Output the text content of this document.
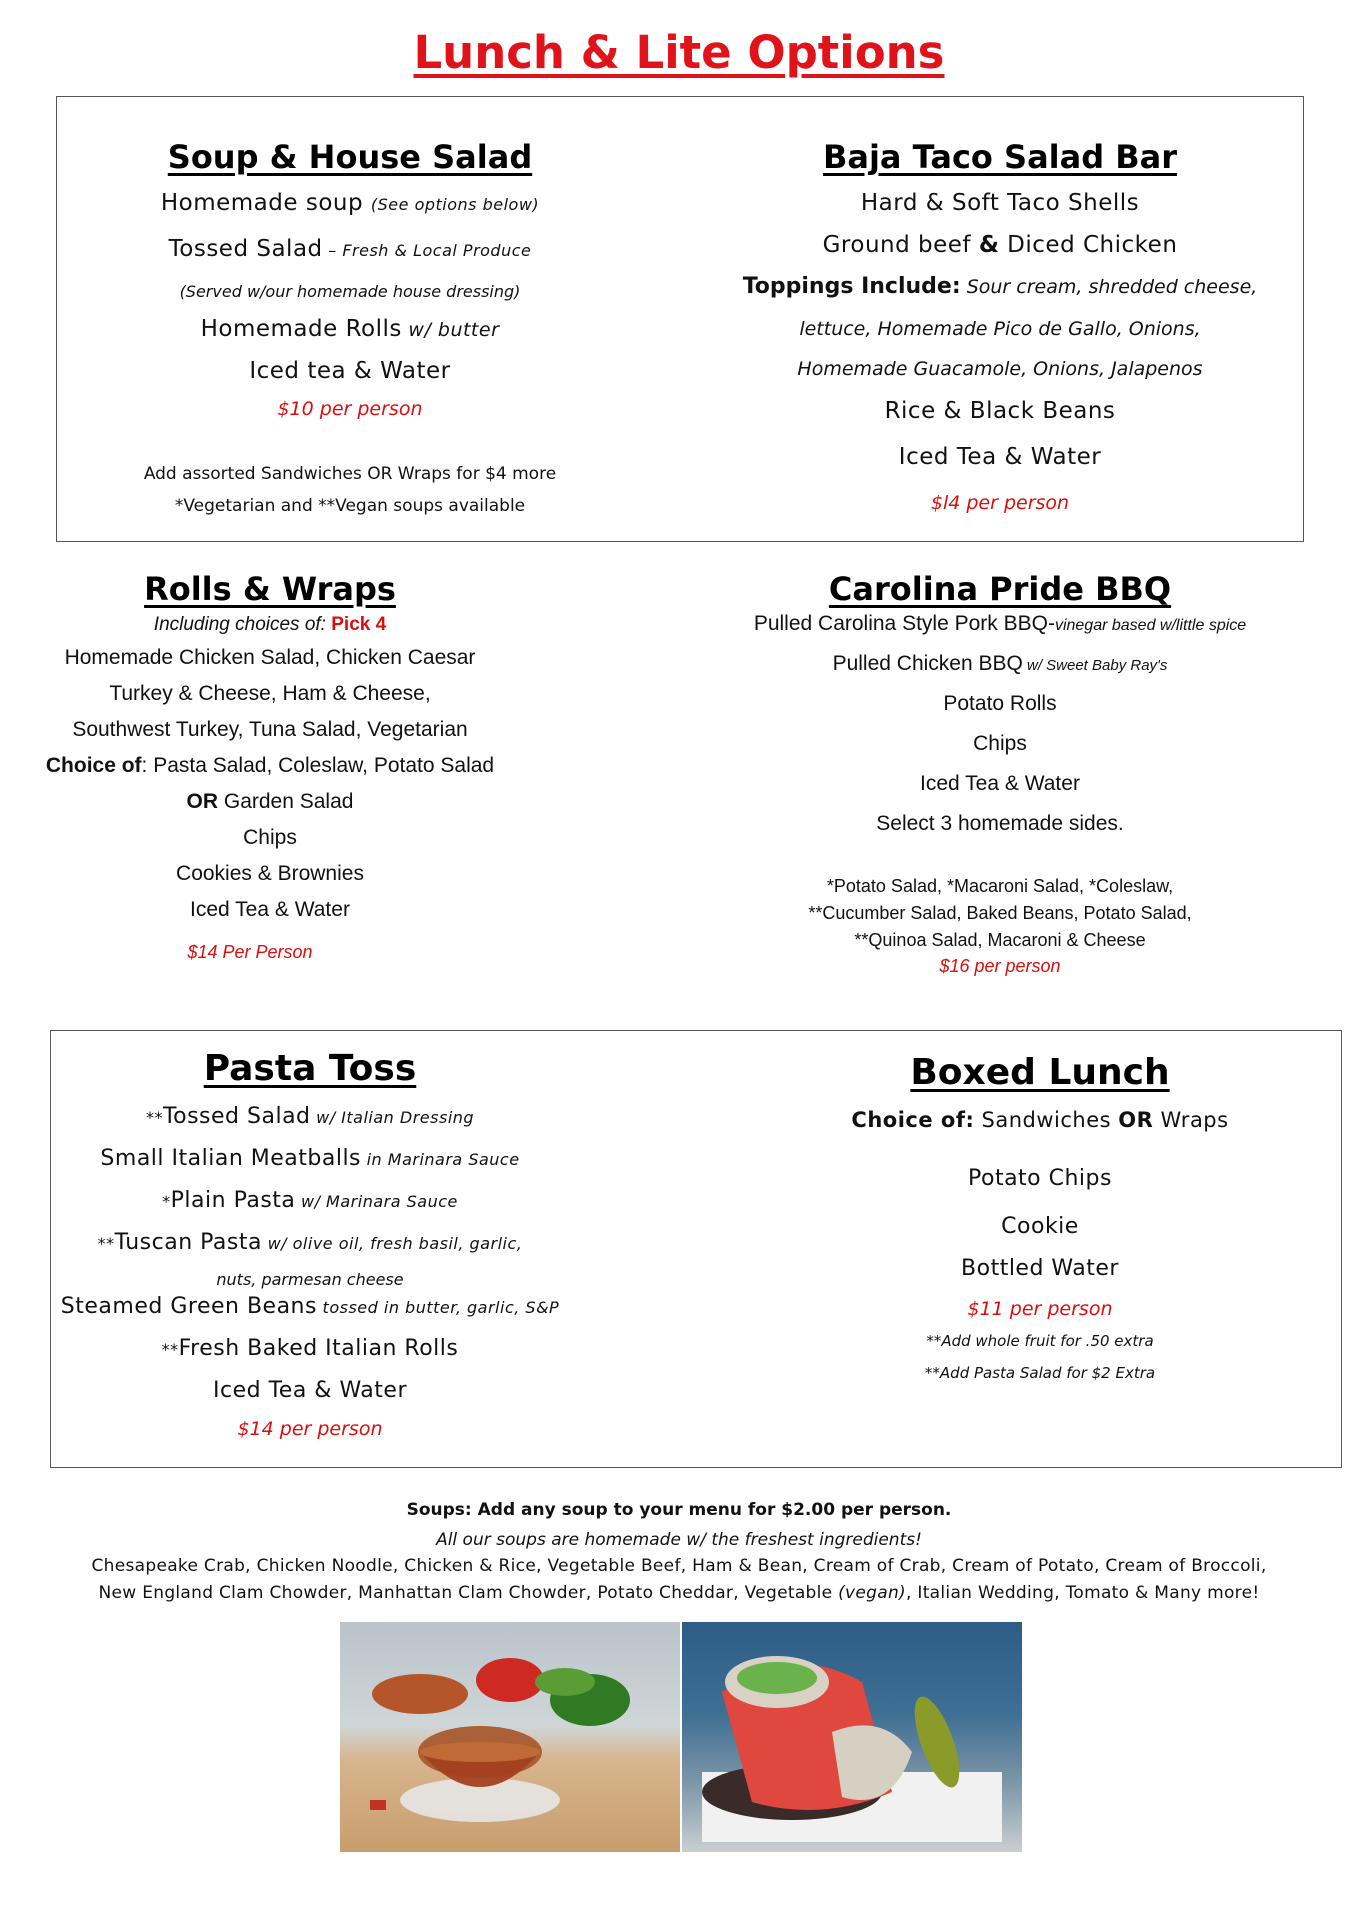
Lunch & Lite Options
Soup & House Salad
Homemade soup (See options below)
Tossed Salad – Fresh & Local Produce
(Served w/our homemade house dressing)
Homemade Rolls w/ butter
Iced tea & Water
$10 per person
Add assorted Sandwiches OR Wraps for $4 more
*Vegetarian and **Vegan soups available
Baja Taco Salad Bar
Hard & Soft Taco Shells
Ground beef & Diced Chicken
Toppings Include: Sour cream, shredded cheese,
lettuce, Homemade Pico de Gallo, Onions,
Homemade Guacamole, Onions, Jalapenos
Rice & Black Beans
Iced Tea & Water
$l4 per person
Rolls & Wraps
Including choices of: Pick 4
Homemade Chicken Salad, Chicken Caesar
Turkey & Cheese, Ham & Cheese,
Southwest Turkey, Tuna Salad, Vegetarian
Choice of: Pasta Salad, Coleslaw, Potato Salad
OR Garden Salad
Chips
Cookies & Brownies
Iced Tea & Water
$14 Per Person
Carolina Pride BBQ
Pulled Carolina Style Pork BBQ-vinegar based w/little spice
Pulled Chicken BBQ w/ Sweet Baby Ray's
Potato Rolls
Chips
Iced Tea & Water
Select 3 homemade sides.
*Potato Salad, *Macaroni Salad, *Coleslaw,
**Cucumber Salad, Baked Beans, Potato Salad,
**Quinoa Salad, Macaroni & Cheese
$16 per person
Pasta Toss
**Tossed Salad w/ Italian Dressing
Small Italian Meatballs in Marinara Sauce
*Plain Pasta w/ Marinara Sauce
**Tuscan Pasta w/ olive oil, fresh basil, garlic,
nuts, parmesan cheese
Steamed Green Beans tossed in butter, garlic, S&P
**Fresh Baked Italian Rolls
Iced Tea & Water
$14 per person
Boxed Lunch
Choice of: Sandwiches OR Wraps
Potato Chips
Cookie
Bottled Water
$11 per person
**Add whole fruit for .50 extra
**Add Pasta Salad for $2 Extra
Soups: Add any soup to your menu for $2.00 per person.
All our soups are homemade w/ the freshest ingredients!
Chesapeake Crab, Chicken Noodle, Chicken & Rice, Vegetable Beef, Ham & Bean, Cream of Crab, Cream of Potato, Cream of Broccoli,
New England Clam Chowder, Manhattan Clam Chowder, Potato Cheddar, Vegetable (vegan), Italian Wedding, Tomato & Many more!
